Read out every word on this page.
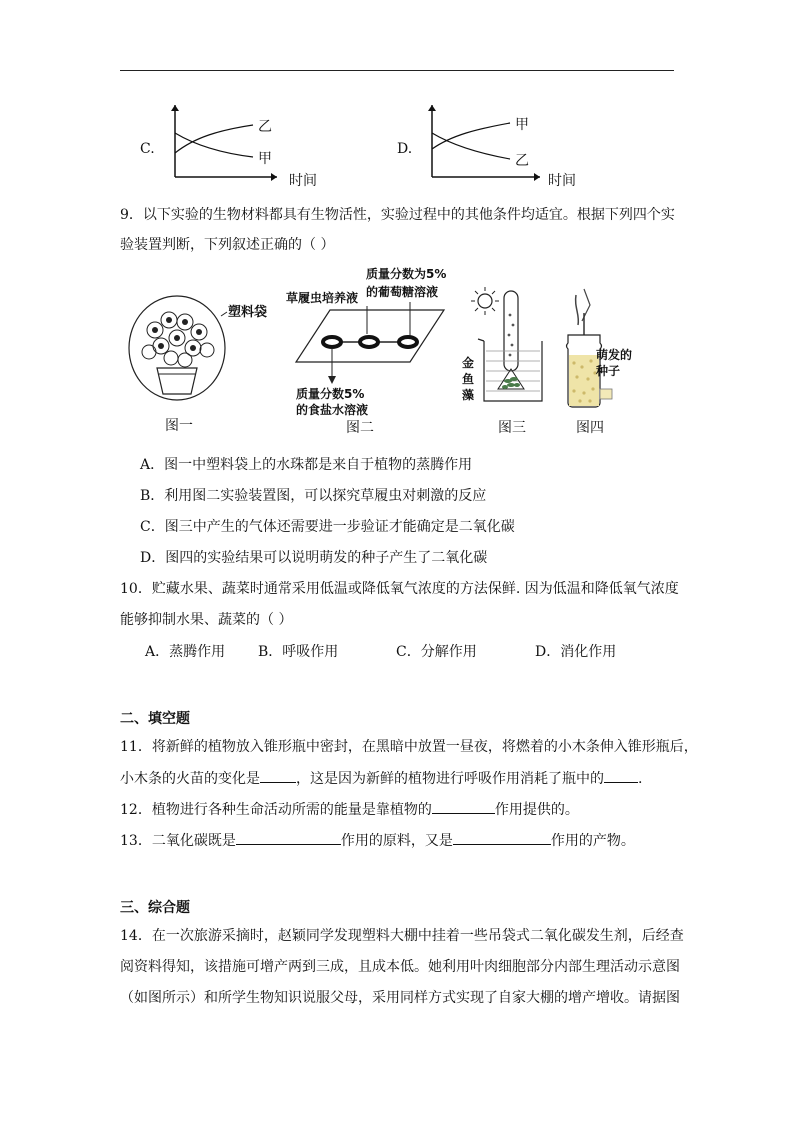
C.
乙
甲
时间
D.
甲
乙
时间
9．以下实验的生物材料都具有生物活性，实验过程中的其他条件均适宜。根据下列四个实
验装置判断，下列叙述正确的（ ）
塑料袋
图一
草履虫培养液
质量分数为5%
的葡萄糖溶液
质量分数5%
的食盐水溶液
图二
金
鱼
藻
图三
萌发的
种子
图四
A．图一中塑料袋上的水珠都是来自于植物的蒸腾作用
B．利用图二实验装置图，可以探究草履虫对刺激的反应
C．图三中产生的气体还需要进一步验证才能确定是二氧化碳
D．图四的实验结果可以说明萌发的种子产生了二氧化碳
10．贮藏水果、蔬菜时通常采用低温或降低氧气浓度的方法保鲜. 因为低温和降低氧气浓度
能够抑制水果、蔬菜的（ ）
A．蒸腾作用 B．呼吸作用	C．分解作用	D．消化作用
二、填空题
11．将新鲜的植物放入锥形瓶中密封，在黑暗中放置一昼夜，将燃着的小木条伸入锥形瓶后，
小木条的火苗的变化是	，这是因为新鲜的植物进行呼吸作用消耗了瓶中的 .
12．植物进行各种生命活动所需的能量是靠植物的	作用提供的。
13．二氧化碳既是	作用的原料，又是	作用的产物。
三、综合题
14．在一次旅游采摘时，赵颖同学发现塑料大棚中挂着一些吊袋式二氧化碳发生剂，后经查
阅资料得知，该措施可增产两到三成，且成本低。她利用叶肉细胞部分内部生理活动示意图
（如图所示）和所学生物知识说服父母，采用同样方式实现了自家大棚的增产增收。请据图
